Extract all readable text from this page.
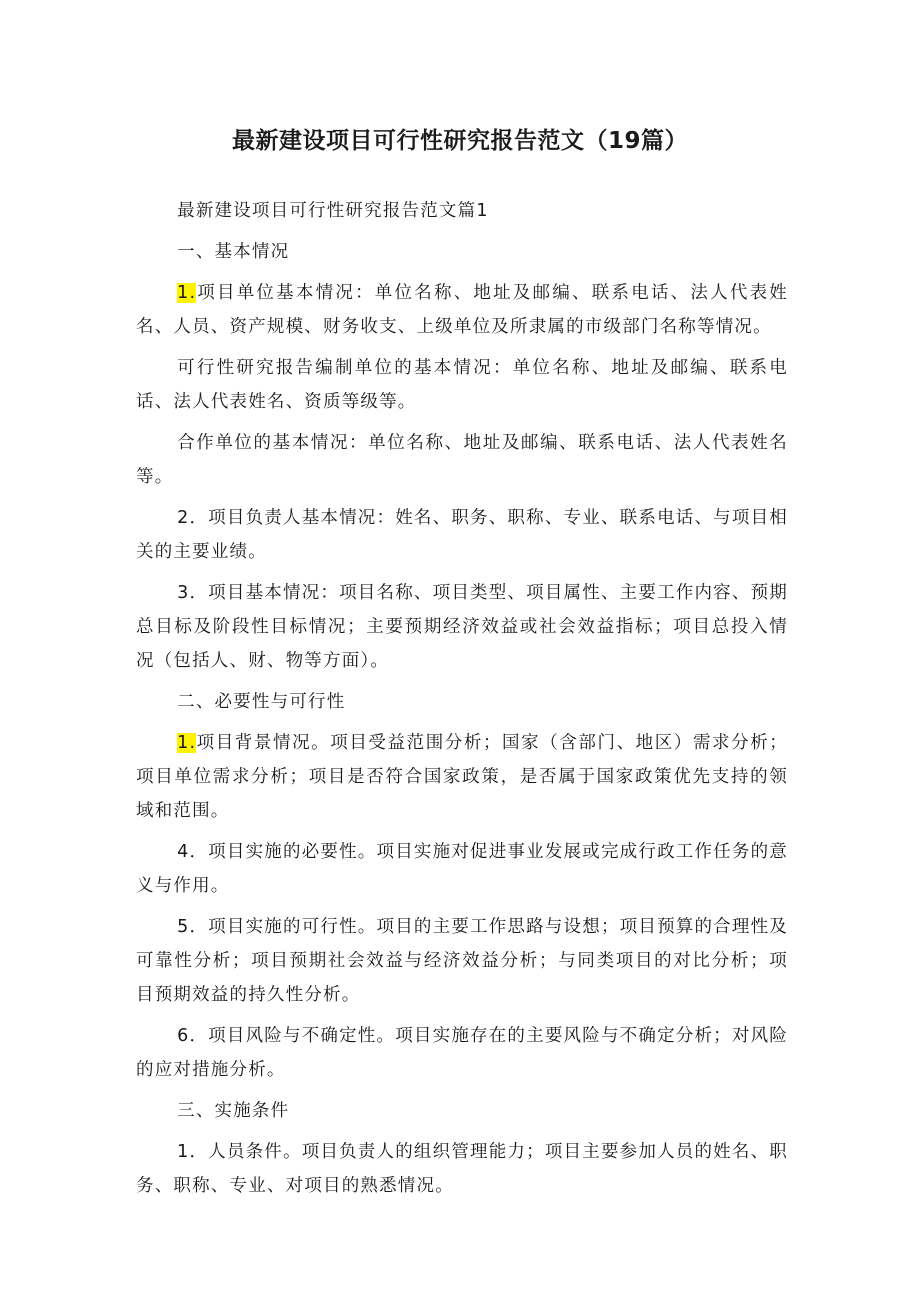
最新建设项目可行性研究报告范文（19篇）

最新建设项目可行性研究报告范文篇1

一、基本情况

1.项目单位基本情况：单位名称、地址及邮编、联系电话、法人代表姓名、人员、资产规模、财务收支、上级单位及所隶属的市级部门名称等情况。

可行性研究报告编制单位的基本情况：单位名称、地址及邮编、联系电话、法人代表姓名、资质等级等。

合作单位的基本情况：单位名称、地址及邮编、联系电话、法人代表姓名等。

2．项目负责人基本情况：姓名、职务、职称、专业、联系电话、与项目相关的主要业绩。

3．项目基本情况：项目名称、项目类型、项目属性、主要工作内容、预期总目标及阶段性目标情况；主要预期经济效益或社会效益指标；项目总投入情况（包括人、财、物等方面）。

二、必要性与可行性

1.项目背景情况。项目受益范围分析；国家（含部门、地区）需求分析；项目单位需求分析；项目是否符合国家政策，是否属于国家政策优先支持的领域和范围。

4．项目实施的必要性。项目实施对促进事业发展或完成行政工作任务的意义与作用。

5．项目实施的可行性。项目的主要工作思路与设想；项目预算的合理性及可靠性分析；项目预期社会效益与经济效益分析；与同类项目的对比分析；项目预期效益的持久性分析。

6．项目风险与不确定性。项目实施存在的主要风险与不确定分析；对风险的应对措施分析。

三、实施条件

1．人员条件。项目负责人的组织管理能力；项目主要参加人员的姓名、职务、职称、专业、对项目的熟悉情况。
